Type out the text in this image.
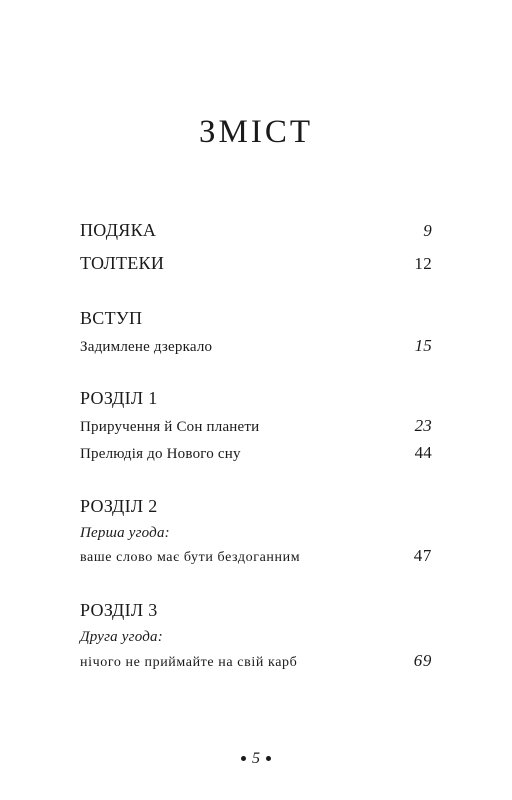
ЗМІСТ
ПОДЯКА	9
ТОЛТЕКИ	12
ВСТУП
Задимлене дзеркало	15
РОЗДІЛ 1
Приручення й Сон планети	23
Прелюдія до Нового сну	44
РОЗДІЛ 2
Перша угода:
ваше слово має бути бездоганним	47
РОЗДІЛ 3
Друга угода:
нічого не приймайте на свій карб	69
5
